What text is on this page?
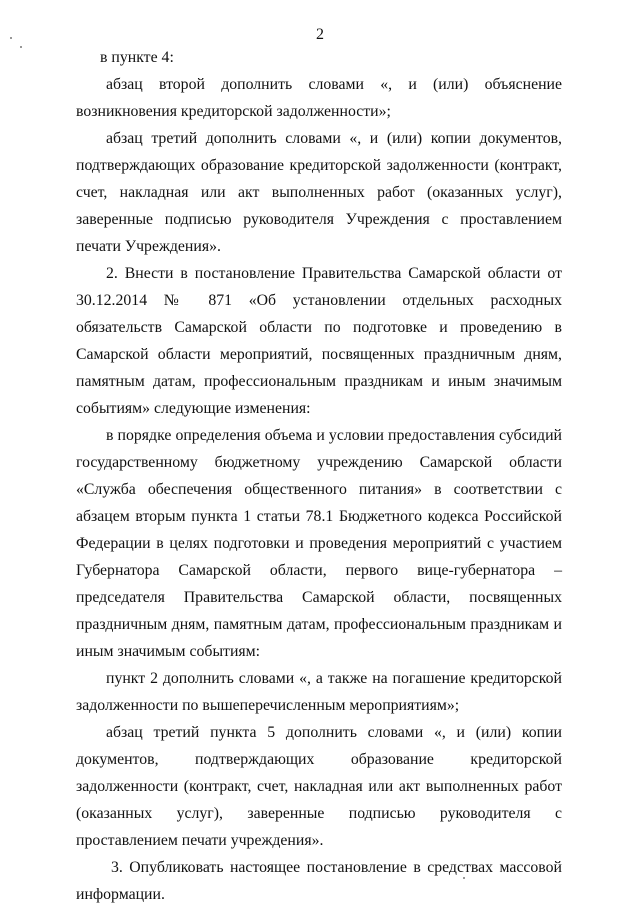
2

в пункте 4:

абзац второй дополнить словами «, и (или) объяснение возникновения кредиторской задолженности»;

абзац третий дополнить словами «, и (или) копии документов, подтверждающих образование кредиторской задолженности (контракт, счет, накладная или акт выполненных работ (оказанных услуг), заверенные подписью руководителя Учреждения с проставлением печати Учреждения».

2. Внести в постановление Правительства Самарской области от 30.12.2014 № 871 «Об установлении отдельных расходных обязательств Самарской области по подготовке и проведению в Самарской области мероприятий, посвященных праздничным дням, памятным датам, профессиональным праздникам и иным значимым событиям» следующие изменения:

в порядке определения объема и условии предоставления субсидий государственному бюджетному учреждению Самарской области «Служба обеспечения общественного питания» в соответствии с абзацем вторым пункта 1 статьи 78.1 Бюджетного кодекса Российской Федерации в целях подготовки и проведения мероприятий с участием Губернатора Самарской области, первого вице-губернатора – председателя Правительства Самарской области, посвященных праздничным дням, памятным датам, профессиональным праздникам и иным значимым событиям:

пункт 2 дополнить словами «, а также на погашение кредиторской задолженности по вышеперечисленным мероприятиям»;

абзац третий пункта 5 дополнить словами «, и (или) копии документов, подтверждающих образование кредиторской задолженности (контракт, счет, накладная или акт выполненных работ (оказанных услуг), заверенные подписью руководителя с проставлением печати учреждения».

3. Опубликовать настоящее постановление в средствах массовой информации.
